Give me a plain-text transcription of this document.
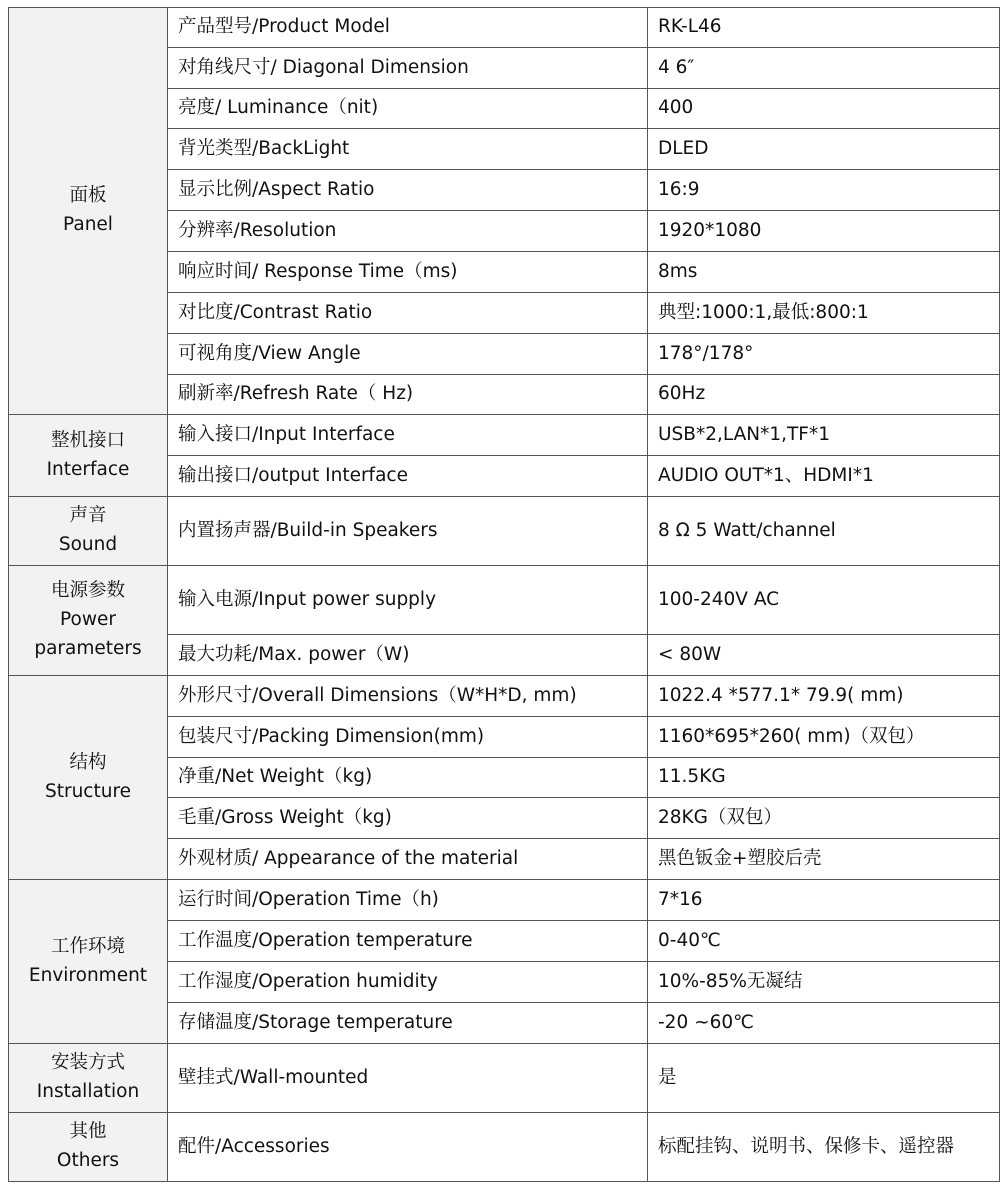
面板
Panel	产品型号/Product Model	RK-L46
	对角线尺寸/ Diagonal Dimension	4 6″
	亮度/ Luminance（nit)	400
	背光类型/BackLight	DLED
	显示比例/Aspect Ratio	16:9
	分辨率/Resolution	1920*1080
	响应时间/ Response Time（ms)	8ms
	对比度/Contrast Ratio	典型:1000:1,最低:800:1
	可视角度/View Angle	178°/178°
	刷新率/Refresh Rate（ Hz)	60Hz

整机接口
Interface	输入接口/Input Interface	USB*2,LAN*1,TF*1
	输出接口/output Interface	AUDIO OUT*1、HDMI*1

声音
Sound	内置扬声器/Build-in Speakers	8 Ω 5 Watt/channel

电源参数
Power
parameters	输入电源/Input power supply	100-240V AC
	最大功耗/Max. power（W)	< 80W

结构
Structure	外形尺寸/Overall Dimensions（W*H*D, mm)	1022.4 *577.1* 79.9( mm)
	包装尺寸/Packing Dimension(mm)	1160*695*260( mm)（双包）
	净重/Net Weight（kg)	11.5KG
	毛重/Gross Weight（kg)	28KG（双包）
	外观材质/ Appearance of the material	黑色钣金+塑胶后壳

工作环境
Environment	运行时间/Operation Time（h)	7*16
	工作温度/Operation temperature	0-40℃
	工作湿度/Operation humidity	10%-85%无凝结
	存储温度/Storage temperature	-20 ~60℃

安装方式
Installation	壁挂式/Wall-mounted	是

其他
Others	配件/Accessories	标配挂钩、说明书、保修卡、遥控器
